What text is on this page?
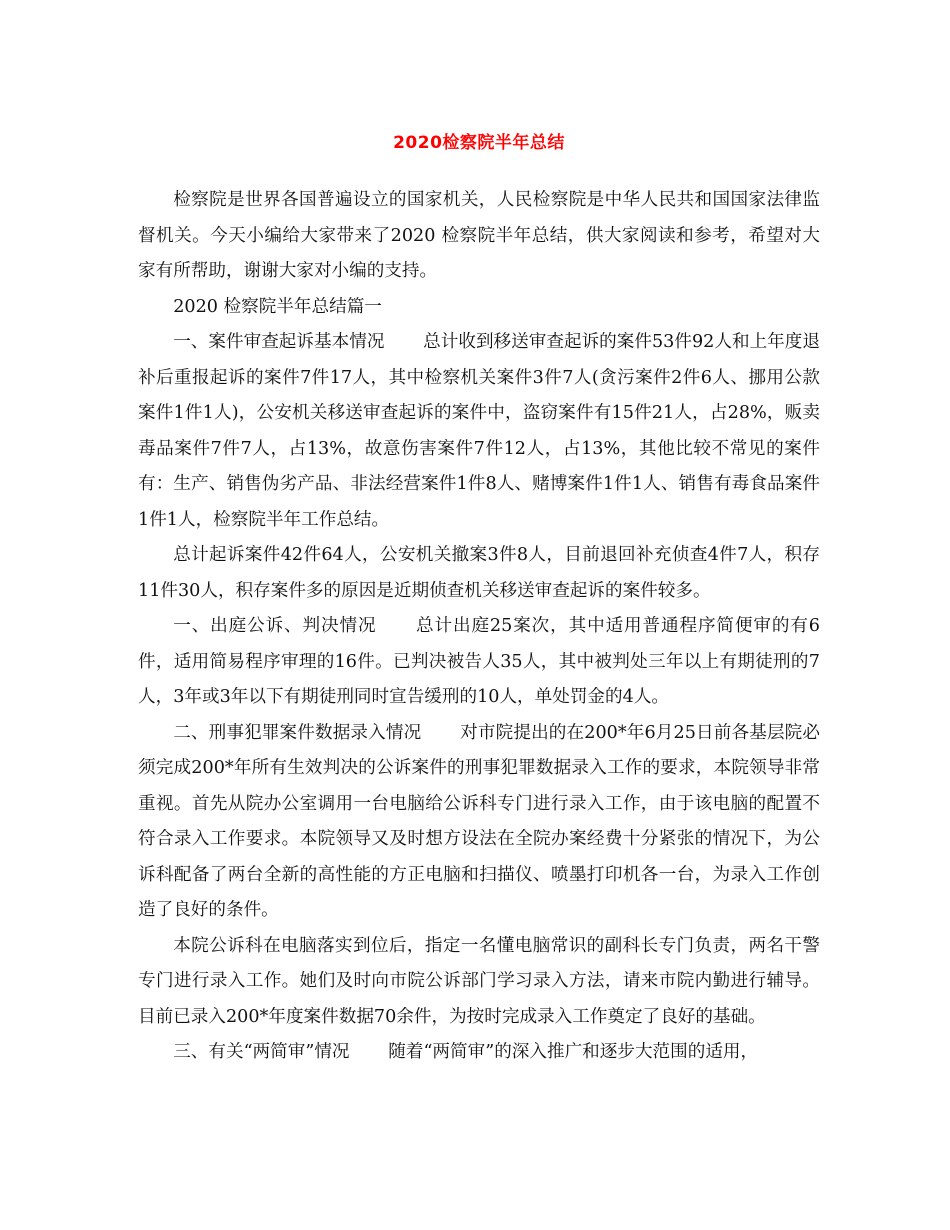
2020检察院半年总结

检察院是世界各国普遍设立的国家机关，人民检察院是中华人民共和国国家法律监督机关。今天小编给大家带来了2020 检察院半年总结，供大家阅读和参考，希望对大家有所帮助，谢谢大家对小编的支持。

2020 检察院半年总结篇一

一、案件审查起诉基本情况 总计收到移送审查起诉的案件53件92人和上年度退补后重报起诉的案件7件17人，其中检察机关案件3件7人(贪污案件2件6人、挪用公款案件1件1人)，公安机关移送审查起诉的案件中，盗窃案件有15件21人，占28%，贩卖毒品案件7件7人，占13%，故意伤害案件7件12人，占13%，其他比较不常见的案件有：生产、销售伪劣产品、非法经营案件1件8人、赌博案件1件1人、销售有毒食品案件1件1人，检察院半年工作总结。

总计起诉案件42件64人，公安机关撤案3件8人，目前退回补充侦查4件7人，积存11件30人，积存案件多的原因是近期侦查机关移送审查起诉的案件较多。

一、出庭公诉、判决情况 总计出庭25案次，其中适用普通程序简便审的有6件，适用简易程序审理的16件。已判决被告人35人，其中被判处三年以上有期徒刑的7人，3年或3年以下有期徒刑同时宣告缓刑的10人，单处罚金的4人。

二、刑事犯罪案件数据录入情况 对市院提出的在200*年6月25日前各基层院必须完成200*年所有生效判决的公诉案件的刑事犯罪数据录入工作的要求，本院领导非常重视。首先从院办公室调用一台电脑给公诉科专门进行录入工作，由于该电脑的配置不符合录入工作要求。本院领导又及时想方设法在全院办案经费十分紧张的情况下，为公诉科配备了两台全新的高性能的方正电脑和扫描仪、喷墨打印机各一台，为录入工作创造了良好的条件。

本院公诉科在电脑落实到位后，指定一名懂电脑常识的副科长专门负责，两名干警专门进行录入工作。她们及时向市院公诉部门学习录入方法，请来市院内勤进行辅导。目前已录入200*年度案件数据70余件，为按时完成录入工作奠定了良好的基础。

三、有关“两简审”情况 随着“两简审”的深入推广和逐步大范围的适用，
